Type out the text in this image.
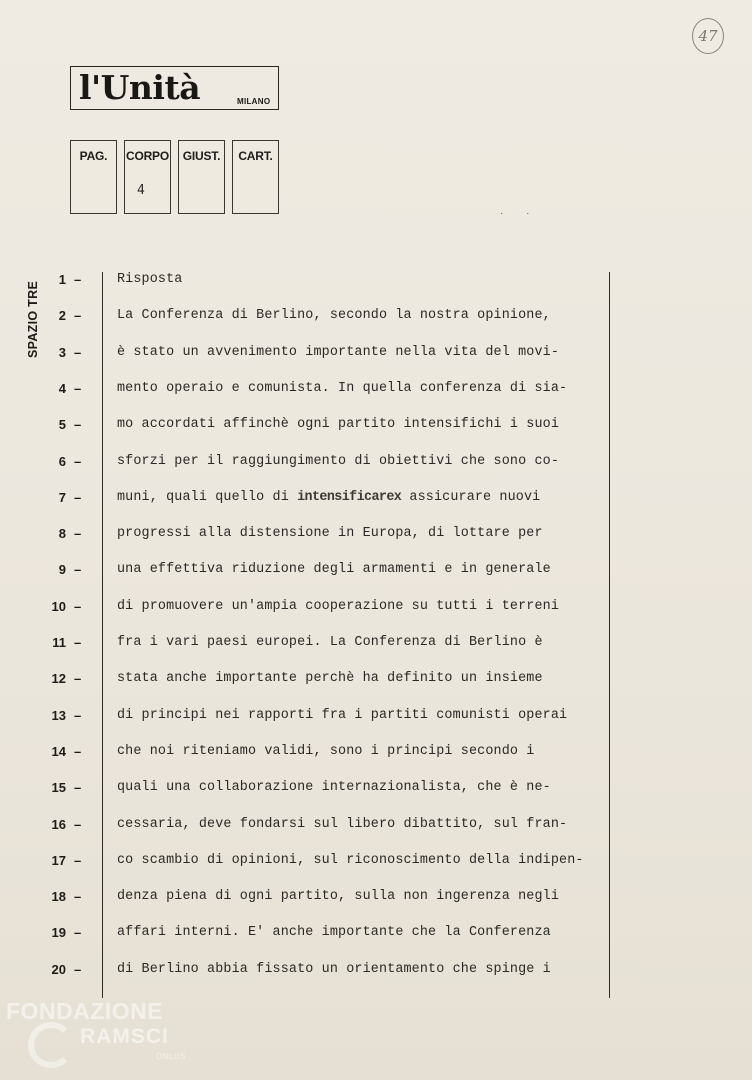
l'Unità	MILANO
47
PAG.	CORPO
4
GIUST.	CART.
· ·
SPAZIO TRE
1 –	Risposta
2 –	La Conferenza di Berlino, secondo la nostra opinione,
3 –	è stato un avvenimento importante nella vita del movi-
4 –	mento operaio e comunista. In quella conferenza di sia-
5 –	mo accordati affinchè ogni partito intensifichi i suoi
6 –	sforzi per il raggiungimento di obiettivi che sono co-
7 –	muni, quali quello di intensificarex assicurare nuovi
8 –	progressi alla distensione in Europa, di lottare per
9 –	una effettiva riduzione degli armamenti e in generale
10 –	di promuovere un'ampia cooperazione su tutti i terreni
11 –	fra i vari paesi europei. La Conferenza di Berlino è
12 –	stata anche importante perchè ha definito un insieme
13 –	di principi nei rapporti fra i partiti comunisti operai
14 –	che noi riteniamo validi, sono i principi secondo i
15 –	quali una collaborazione internazionalista, che è ne-
16 –	cessaria, deve fondarsi sul libero dibattito, sul fran-
17 –	co scambio di opinioni, sul riconoscimento della indipen-
18 –	denza piena di ogni partito, sulla non ingerenza negli
19 –	affari interni. E' anche importante che la Conferenza
20 –	di Berlino abbia fissato un orientamento che spinge i
FONDAZIONE
RAMSCI
ONLUS
